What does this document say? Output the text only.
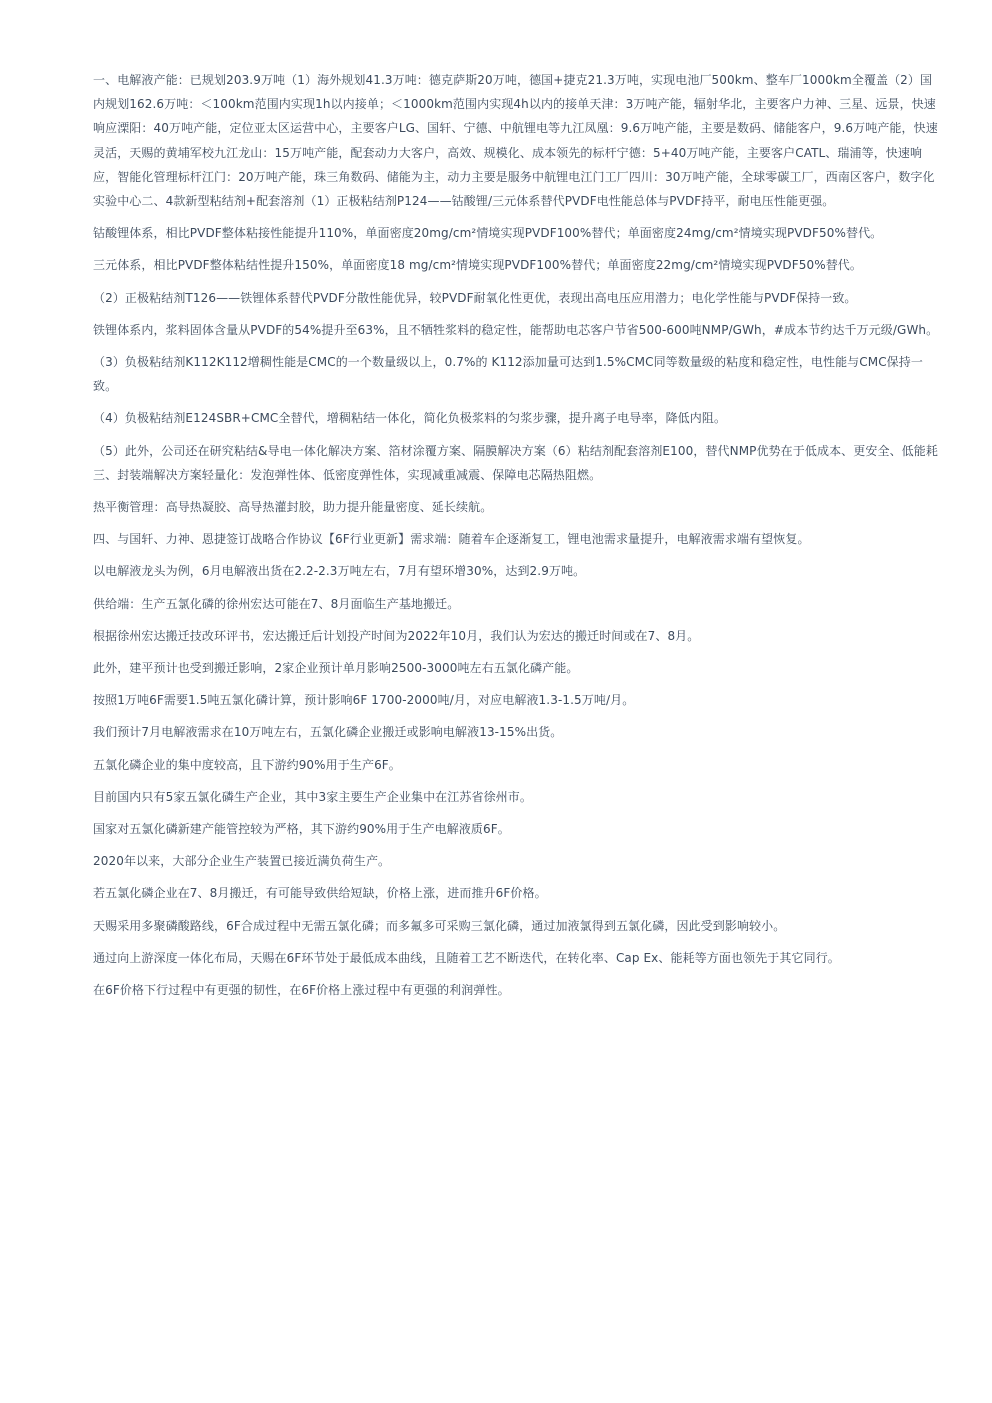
一、电解液产能：已规划203.9万吨（1）海外规划41.3万吨：德克萨斯20万吨，德国+捷克21.3万吨，实现电池厂500km、整车厂1000km全覆盖（2）国内规划162.6万吨：＜100km范围内实现1h以内接单；＜1000km范围内实现4h以内的接单天津：3万吨产能，辐射华北，主要客户力神、三星、远景，快速响应溧阳：40万吨产能，定位亚太区运营中心，主要客户LG、国轩、宁德、中航锂电等九江凤凰：9.6万吨产能，主要是数码、储能客户，9.6万吨产能，快速灵活，天赐的黄埔军校九江龙山：15万吨产能，配套动力大客户，高效、规模化、成本领先的标杆宁德：5+40万吨产能，主要客户CATL、瑞浦等，快速响应，智能化管理标杆江门：20万吨产能，珠三角数码、储能为主，动力主要是服务中航锂电江门工厂四川：30万吨产能，全球零碳工厂，西南区客户，数字化实验中心二、4款新型粘结剂+配套溶剂（1）正极粘结剂P124——钴酸锂/三元体系替代PVDF电性能总体与PVDF持平，耐电压性能更强。

钴酸锂体系，相比PVDF整体粘接性能提升110%，单面密度20mg/cm²情境实现PVDF100%替代；单面密度24mg/cm²情境实现PVDF50%替代。

三元体系，相比PVDF整体粘结性提升150%，单面密度18 mg/cm²情境实现PVDF100%替代；单面密度22mg/cm²情境实现PVDF50%替代。

（2）正极粘结剂T126——铁锂体系替代PVDF分散性能优异，较PVDF耐氧化性更优，表现出高电压应用潜力；电化学性能与PVDF保持一致。

铁锂体系内，浆料固体含量从PVDF的54%提升至63%，且不牺牲浆料的稳定性，能帮助电芯客户节省500-600吨NMP/GWh，#成本节约达千万元级/GWh。

（3）负极粘结剂K112K112增稠性能是CMC的一个数量级以上，0.7%的 K112添加量可达到1.5%CMC同等数量级的粘度和稳定性，电性能与CMC保持一致。

（4）负极粘结剂E124SBR+CMC全替代，增稠粘结一体化，简化负极浆料的匀浆步骤，提升离子电导率，降低内阻。

（5）此外，公司还在研究粘结&导电一体化解决方案、箔材涂覆方案、隔膜解决方案（6）粘结剂配套溶剂E100，替代NMP优势在于低成本、更安全、低能耗三、封装端解决方案轻量化：发泡弹性体、低密度弹性体，实现减重减震、保障电芯隔热阻燃。

热平衡管理：高导热凝胶、高导热灌封胶，助力提升能量密度、延长续航。

四、与国轩、力神、恩捷签订战略合作协议【6F行业更新】需求端：随着车企逐渐复工，锂电池需求量提升，电解液需求端有望恢复。

以电解液龙头为例，6月电解液出货在2.2-2.3万吨左右，7月有望环增30%，达到2.9万吨。

供给端：生产五氯化磷的徐州宏达可能在7、8月面临生产基地搬迁。

根据徐州宏达搬迁技改环评书，宏达搬迁后计划投产时间为2022年10月，我们认为宏达的搬迁时间或在7、8月。

此外，建平预计也受到搬迁影响，2家企业预计单月影响2500-3000吨左右五氯化磷产能。

按照1万吨6F需要1.5吨五氯化磷计算，预计影响6F 1700-2000吨/月，对应电解液1.3-1.5万吨/月。

我们预计7月电解液需求在10万吨左右，五氯化磷企业搬迁或影响电解液13-15%出货。

五氯化磷企业的集中度较高，且下游约90%用于生产6F。

目前国内只有5家五氯化磷生产企业，其中3家主要生产企业集中在江苏省徐州市。

国家对五氯化磷新建产能管控较为严格，其下游约90%用于生产电解液质6F。

2020年以来，大部分企业生产装置已接近满负荷生产。

若五氯化磷企业在7、8月搬迁，有可能导致供给短缺，价格上涨，进而推升6F价格。

天赐采用多聚磷酸路线，6F合成过程中无需五氯化磷；而多氟多可采购三氯化磷，通过加液氯得到五氯化磷，因此受到影响较小。

通过向上游深度一体化布局，天赐在6F环节处于最低成本曲线，且随着工艺不断迭代，在转化率、Cap Ex、能耗等方面也领先于其它同行。

在6F价格下行过程中有更强的韧性，在6F价格上涨过程中有更强的利润弹性。
